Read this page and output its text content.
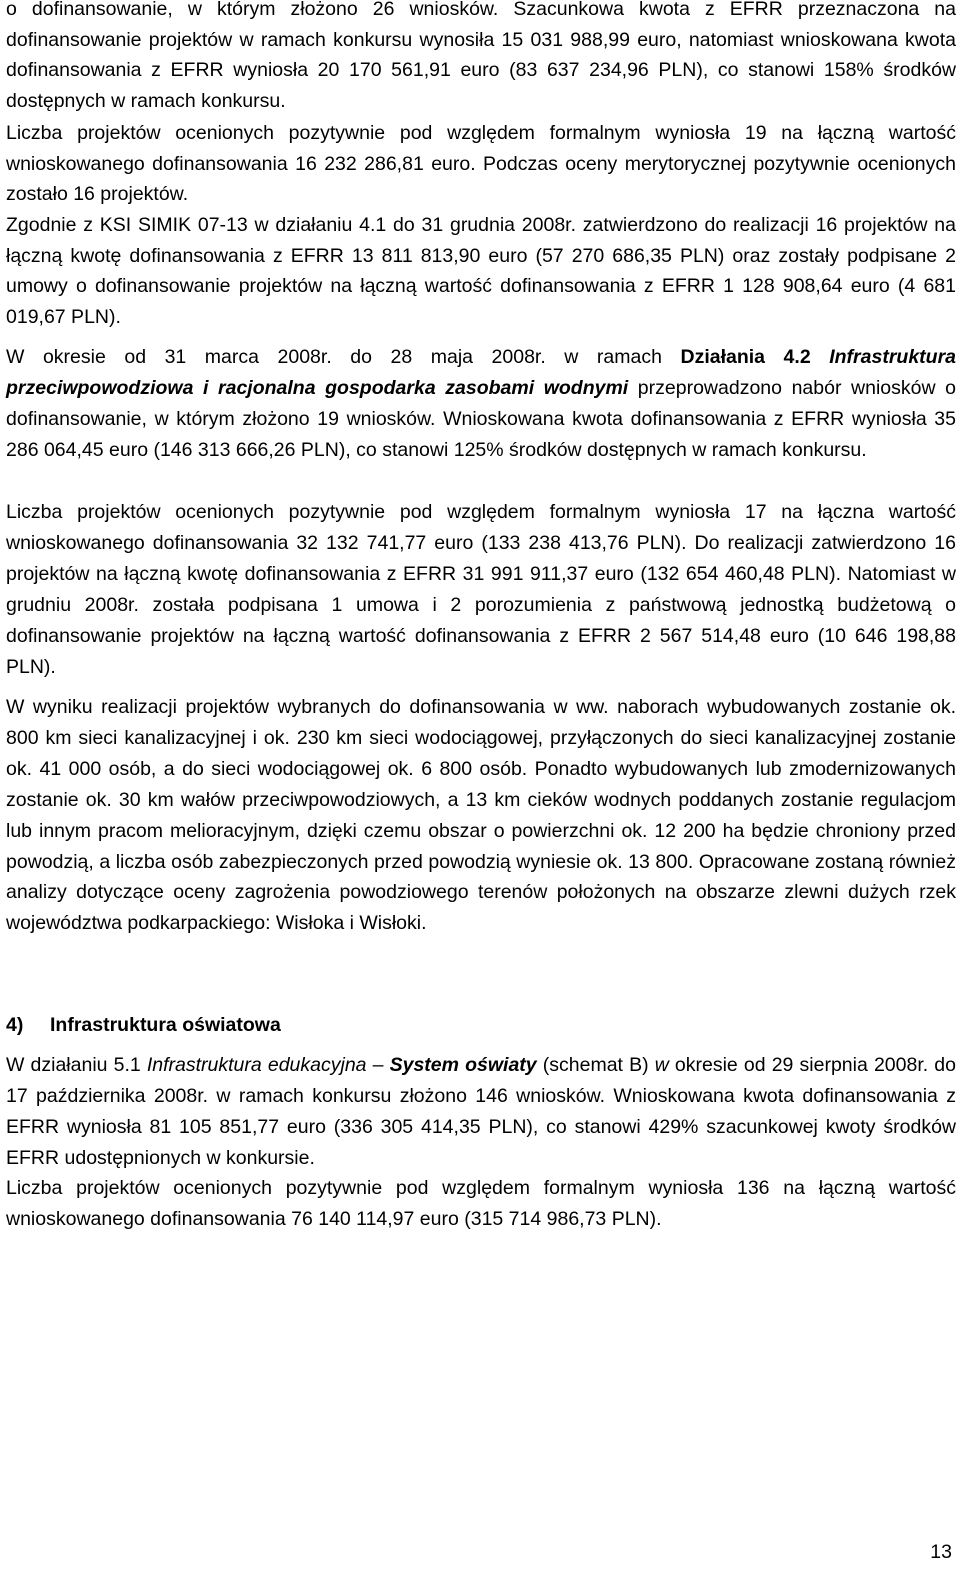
o dofinansowanie, w którym złożono 26 wniosków. Szacunkowa kwota z EFRR przeznaczona na dofinansowanie projektów w ramach konkursu wynosiła 15 031 988,99 euro, natomiast wnioskowana kwota dofinansowania z EFRR wyniosła 20 170 561,91 euro (83 637 234,96 PLN), co stanowi 158% środków dostępnych w ramach konkursu.

Liczba projektów ocenionych pozytywnie pod względem formalnym wyniosła 19 na łączną wartość wnioskowanego dofinansowania 16 232 286,81 euro. Podczas oceny merytorycznej pozytywnie ocenionych zostało 16 projektów.

Zgodnie z KSI SIMIK 07-13 w działaniu 4.1 do 31 grudnia 2008r. zatwierdzono do realizacji 16 projektów na łączną kwotę dofinansowania z EFRR 13 811 813,90 euro (57 270 686,35 PLN) oraz zostały podpisane 2 umowy o dofinansowanie projektów na łączną wartość dofinansowania z EFRR 1 128 908,64 euro (4 681 019,67 PLN).

W okresie od 31 marca 2008r. do 28 maja 2008r. w ramach Działania 4.2 Infrastruktura przeciwpowodziowa i racjonalna gospodarka zasobami wodnymi przeprowadzono nabór wniosków o dofinansowanie, w którym złożono 19 wniosków. Wnioskowana kwota dofinansowania z EFRR wyniosła 35 286 064,45 euro (146 313 666,26 PLN), co stanowi 125% środków dostępnych w ramach konkursu.

Liczba projektów ocenionych pozytywnie pod względem formalnym wyniosła 17 na łączna wartość wnioskowanego dofinansowania 32 132 741,77 euro (133 238 413,76 PLN). Do realizacji zatwierdzono 16 projektów na łączną kwotę dofinansowania z EFRR 31 991 911,37 euro (132 654 460,48 PLN). Natomiast w grudniu 2008r. została podpisana 1 umowa i 2 porozumienia z państwową jednostką budżetową o dofinansowanie projektów na łączną wartość dofinansowania z EFRR 2 567 514,48 euro (10 646 198,88 PLN).

W wyniku realizacji projektów wybranych do dofinansowania w ww. naborach wybudowanych zostanie ok. 800 km sieci kanalizacyjnej i ok. 230 km sieci wodociągowej, przyłączonych do sieci kanalizacyjnej zostanie ok. 41 000 osób, a do sieci wodociągowej ok. 6 800 osób. Ponadto wybudowanych lub zmodernizowanych zostanie ok. 30 km wałów przeciwpowodziowych, a 13 km cieków wodnych poddanych zostanie regulacjom lub innym pracom melioracyjnym, dzięki czemu obszar o powierzchni ok. 12 200 ha będzie chroniony przed powodzią, a liczba osób zabezpieczonych przed powodzią wyniesie ok. 13 800. Opracowane zostaną również analizy dotyczące oceny zagrożenia powodziowego terenów położonych na obszarze zlewni dużych rzek województwa podkarpackiego: Wisłoka i Wisłoki.

4) Infrastruktura oświatowa

W działaniu 5.1 Infrastruktura edukacyjna – System oświaty (schemat B) w okresie od 29 sierpnia 2008r. do 17 października 2008r. w ramach konkursu złożono 146 wniosków. Wnioskowana kwota dofinansowania z EFRR wyniosła 81 105 851,77 euro (336 305 414,35 PLN), co stanowi 429% szacunkowej kwoty środków EFRR udostępnionych w konkursie.

Liczba projektów ocenionych pozytywnie pod względem formalnym wyniosła 136 na łączną wartość wnioskowanego dofinansowania 76 140 114,97 euro (315 714 986,73 PLN).

13
